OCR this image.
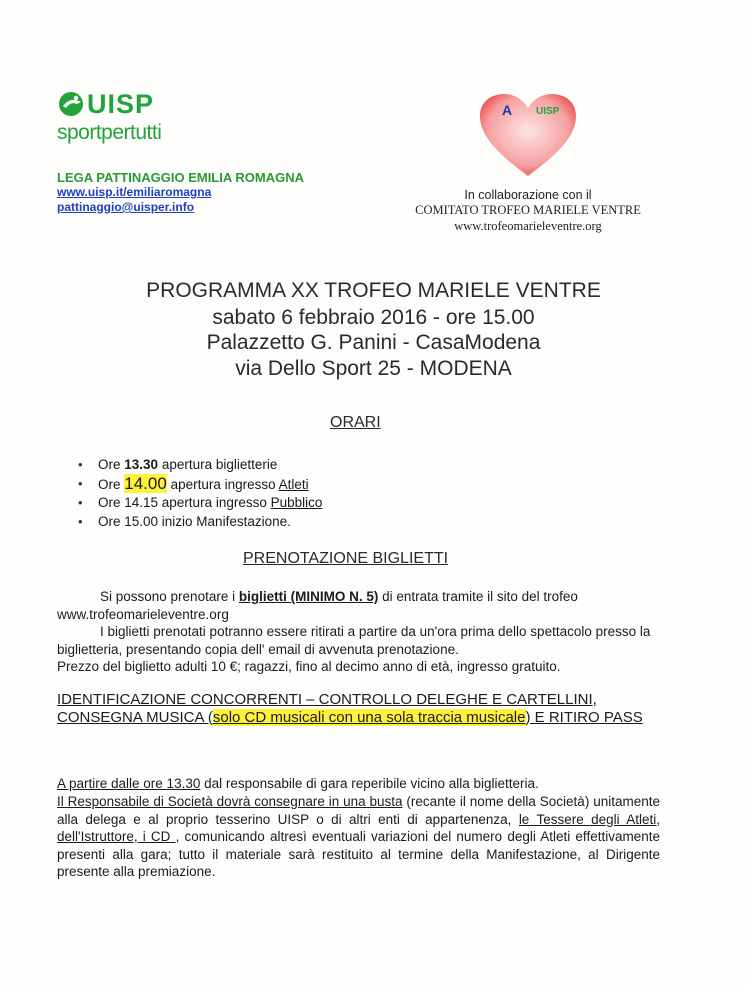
UISP
sportpertutti
LEGA PATTINAGGIO EMILIA ROMAGNA
www.uisp.it/emiliaromagna
pattinaggio@uisper.info
A UISP
In collaborazione con il
COMITATO TROFEO MARIELE VENTRE
www.trofeomarieleventre.org
PROGRAMMA XX TROFEO MARIELE VENTRE
sabato 6 febbraio 2016 - ore 15.00
Palazzetto G. Panini - CasaModena
via Dello Sport 25 - MODENA
ORARI
• Ore 13.30 apertura biglietterie
• Ore 14.00 apertura ingresso Atleti
• Ore 14.15 apertura ingresso Pubblico
• Ore 15.00 inizio Manifestazione.
PRENOTAZIONE BIGLIETTI
Si possono prenotare i biglietti (MINIMO N. 5) di entrata tramite il sito del trofeo
www.trofeomarieleventre.org
I biglietti prenotati potranno essere ritirati a partire da un'ora prima dello spettacolo presso la biglietteria, presentando copia dell' email di avvenuta prenotazione.
Prezzo del biglietto adulti 10 €; ragazzi, fino al decimo anno di età, ingresso gratuito.
IDENTIFICAZIONE CONCORRENTI – CONTROLLO DELEGHE E CARTELLINI, CONSEGNA MUSICA (solo CD musicali con una sola traccia musicale) E RITIRO PASS
A partire dalle ore 13.30 dal responsabile di gara reperibile vicino alla biglietteria.
Il Responsabile di Società dovrà consegnare in una busta (recante il nome della Società) unitamente alla delega e al proprio tesserino UISP o di altri enti di appartenenza, le Tessere degli Atleti, dell'Istruttore, i CD , comunicando altresì eventuali variazioni del numero degli Atleti effettivamente presenti alla gara; tutto il materiale sarà restituito al termine della Manifestazione, al Dirigente presente alla premiazione.
